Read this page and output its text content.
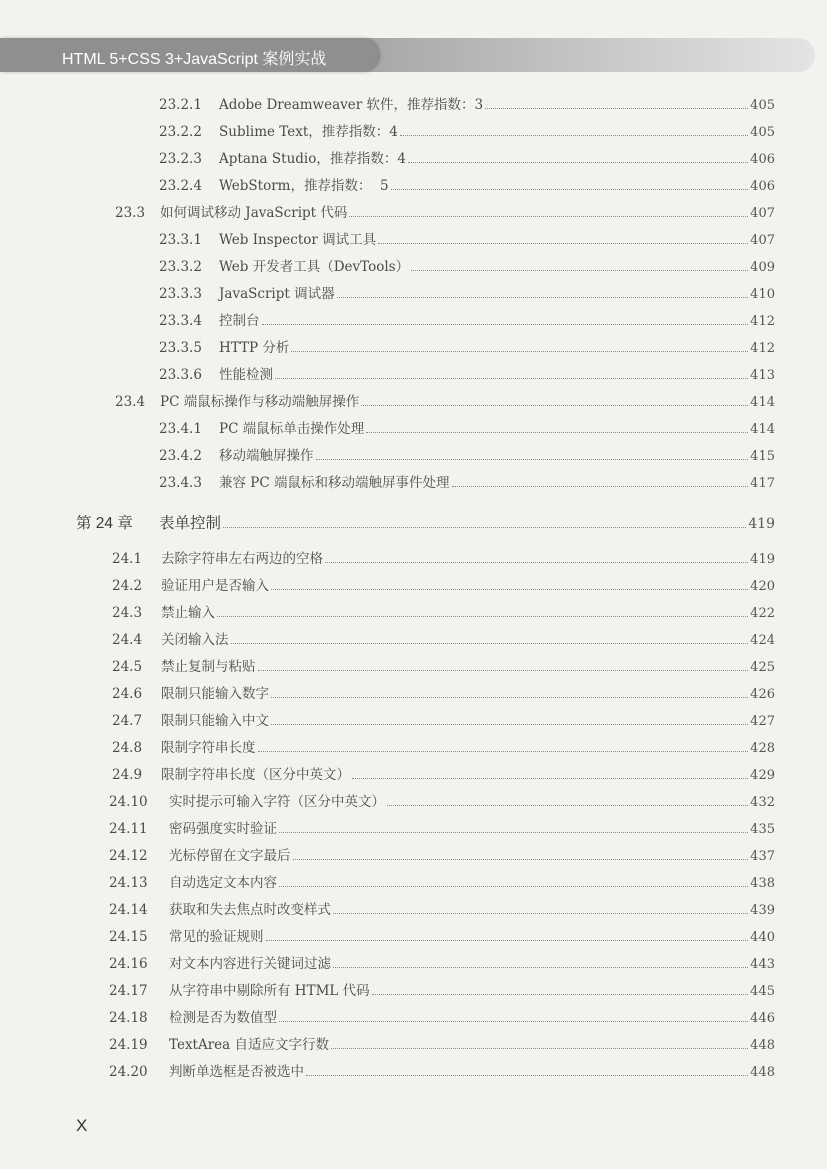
HTML 5+CSS 3+JavaScript 案例实战
23.2.1	Adobe Dreamweaver 软件，推荐指数：3	405
23.2.2	Sublime Text，推荐指数：4	405
23.2.3	Aptana Studio，推荐指数：4	406
23.2.4	WebStorm，推荐指数：  5	406
23.3	如何调试移动 JavaScript 代码	407
23.3.1	Web Inspector 调试工具	407
23.3.2	Web 开发者工具（DevTools）	409
23.3.3	JavaScript 调试器	410
23.3.4	控制台	412
23.3.5	HTTP 分析	412
23.3.6	性能检测	413
23.4	PC 端鼠标操作与移动端触屏操作	414
23.4.1	PC 端鼠标单击操作处理	414
23.4.2	移动端触屏操作	415
23.4.3	兼容 PC 端鼠标和移动端触屏事件处理	417
第 24 章	表单控制	419
24.1	去除字符串左右两边的空格	419
24.2	验证用户是否输入	420
24.3	禁止输入	422
24.4	关闭输入法	424
24.5	禁止复制与粘贴	425
24.6	限制只能输入数字	426
24.7	限制只能输入中文	427
24.8	限制字符串长度	428
24.9	限制字符串长度（区分中英文）	429
24.10	实时提示可输入字符（区分中英文）	432
24.11	密码强度实时验证	435
24.12	光标停留在文字最后	437
24.13	自动选定文本内容	438
24.14	获取和失去焦点时改变样式	439
24.15	常见的验证规则	440
24.16	对文本内容进行关键词过滤	443
24.17	从字符串中剔除所有 HTML 代码	445
24.18	检测是否为数值型	446
24.19	TextArea 自适应文字行数	448
24.20	判断单选框是否被选中	448
X
